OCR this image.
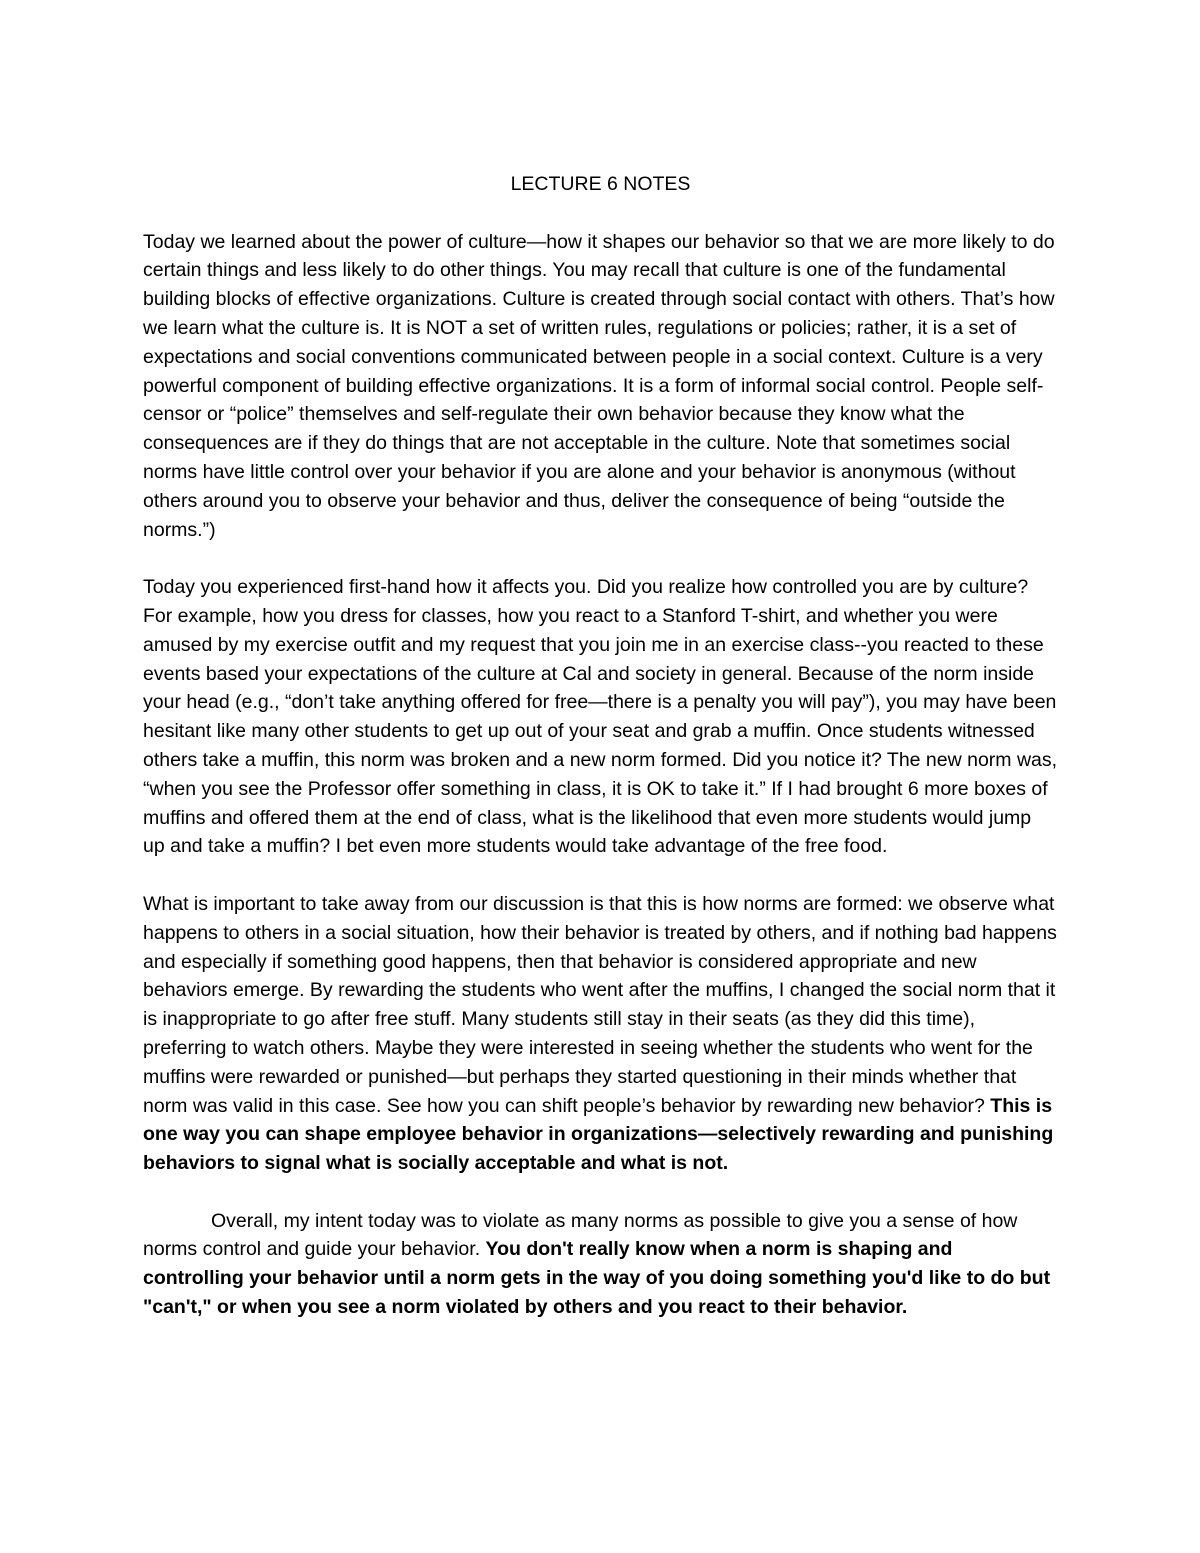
LECTURE 6 NOTES

Today we learned about the power of culture—how it shapes our behavior so that we are more likely to do certain things and less likely to do other things. You may recall that culture is one of the fundamental building blocks of effective organizations. Culture is created through social contact with others. That’s how we learn what the culture is. It is NOT a set of written rules, regulations or policies; rather, it is a set of expectations and social conventions communicated between people in a social context. Culture is a very powerful component of building effective organizations. It is a form of informal social control. People self-censor or “police” themselves and self-regulate their own behavior because they know what the consequences are if they do things that are not acceptable in the culture. Note that sometimes social norms have little control over your behavior if you are alone and your behavior is anonymous (without others around you to observe your behavior and thus, deliver the consequence of being “outside the norms.”)

Today you experienced first-hand how it affects you. Did you realize how controlled you are by culture? For example, how you dress for classes, how you react to a Stanford T-shirt, and whether you were amused by my exercise outfit and my request that you join me in an exercise class--you reacted to these events based your expectations of the culture at Cal and society in general. Because of the norm inside your head (e.g., “don’t take anything offered for free—there is a penalty you will pay”), you may have been hesitant like many other students to get up out of your seat and grab a muffin. Once students witnessed others take a muffin, this norm was broken and a new norm formed. Did you notice it? The new norm was, “when you see the Professor offer something in class, it is OK to take it.” If I had brought 6 more boxes of muffins and offered them at the end of class, what is the likelihood that even more students would jump up and take a muffin? I bet even more students would take advantage of the free food.

What is important to take away from our discussion is that this is how norms are formed: we observe what happens to others in a social situation, how their behavior is treated by others, and if nothing bad happens and especially if something good happens, then that behavior is considered appropriate and new behaviors emerge. By rewarding the students who went after the muffins, I changed the social norm that it is inappropriate to go after free stuff. Many students still stay in their seats (as they did this time), preferring to watch others. Maybe they were interested in seeing whether the students who went for the muffins were rewarded or punished—but perhaps they started questioning in their minds whether that norm was valid in this case. See how you can shift people’s behavior by rewarding new behavior? This is one way you can shape employee behavior in organizations—selectively rewarding and punishing behaviors to signal what is socially acceptable and what is not.

Overall, my intent today was to violate as many norms as possible to give you a sense of how norms control and guide your behavior. You don't really know when a norm is shaping and controlling your behavior until a norm gets in the way of you doing something you'd like to do but "can't," or when you see a norm violated by others and you react to their behavior.
